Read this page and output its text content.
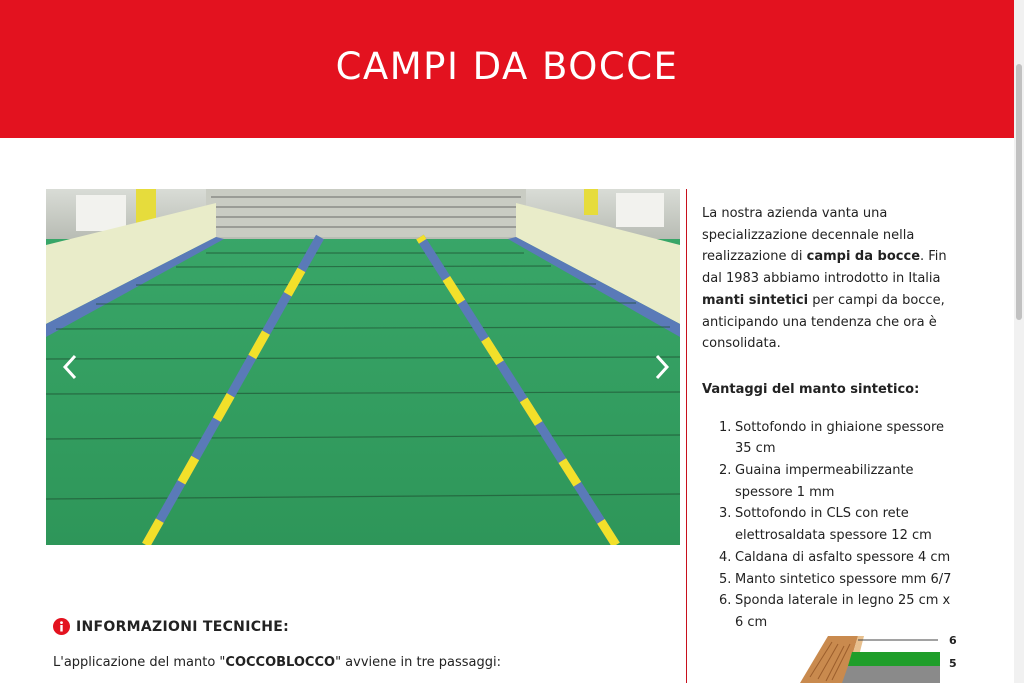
CAMPI DA BOCCE
INFORMAZIONI TECNICHE:
L'applicazione del manto "COCCOBLOCCO" avviene in tre passaggi:

La nostra azienda vanta una specializzazione decennale nella realizzazione di campi da bocce. Fin dal 1983 abbiamo introdotto in Italia manti sintetici per campi da bocce, anticipando una tendenza che ora è consolidata.

Vantaggi del manto sintetico:

1. Sottofondo in ghiaione spessore 35 cm
2. Guaina impermeabilizzante spessore 1 mm
3. Sottofondo in CLS con rete elettrosaldata spessore 12 cm
4. Caldana di asfalto spessore 4 cm
5. Manto sintetico spessore mm 6/7
6. Sponda laterale in legno 25 cm x 6 cm
6
5
